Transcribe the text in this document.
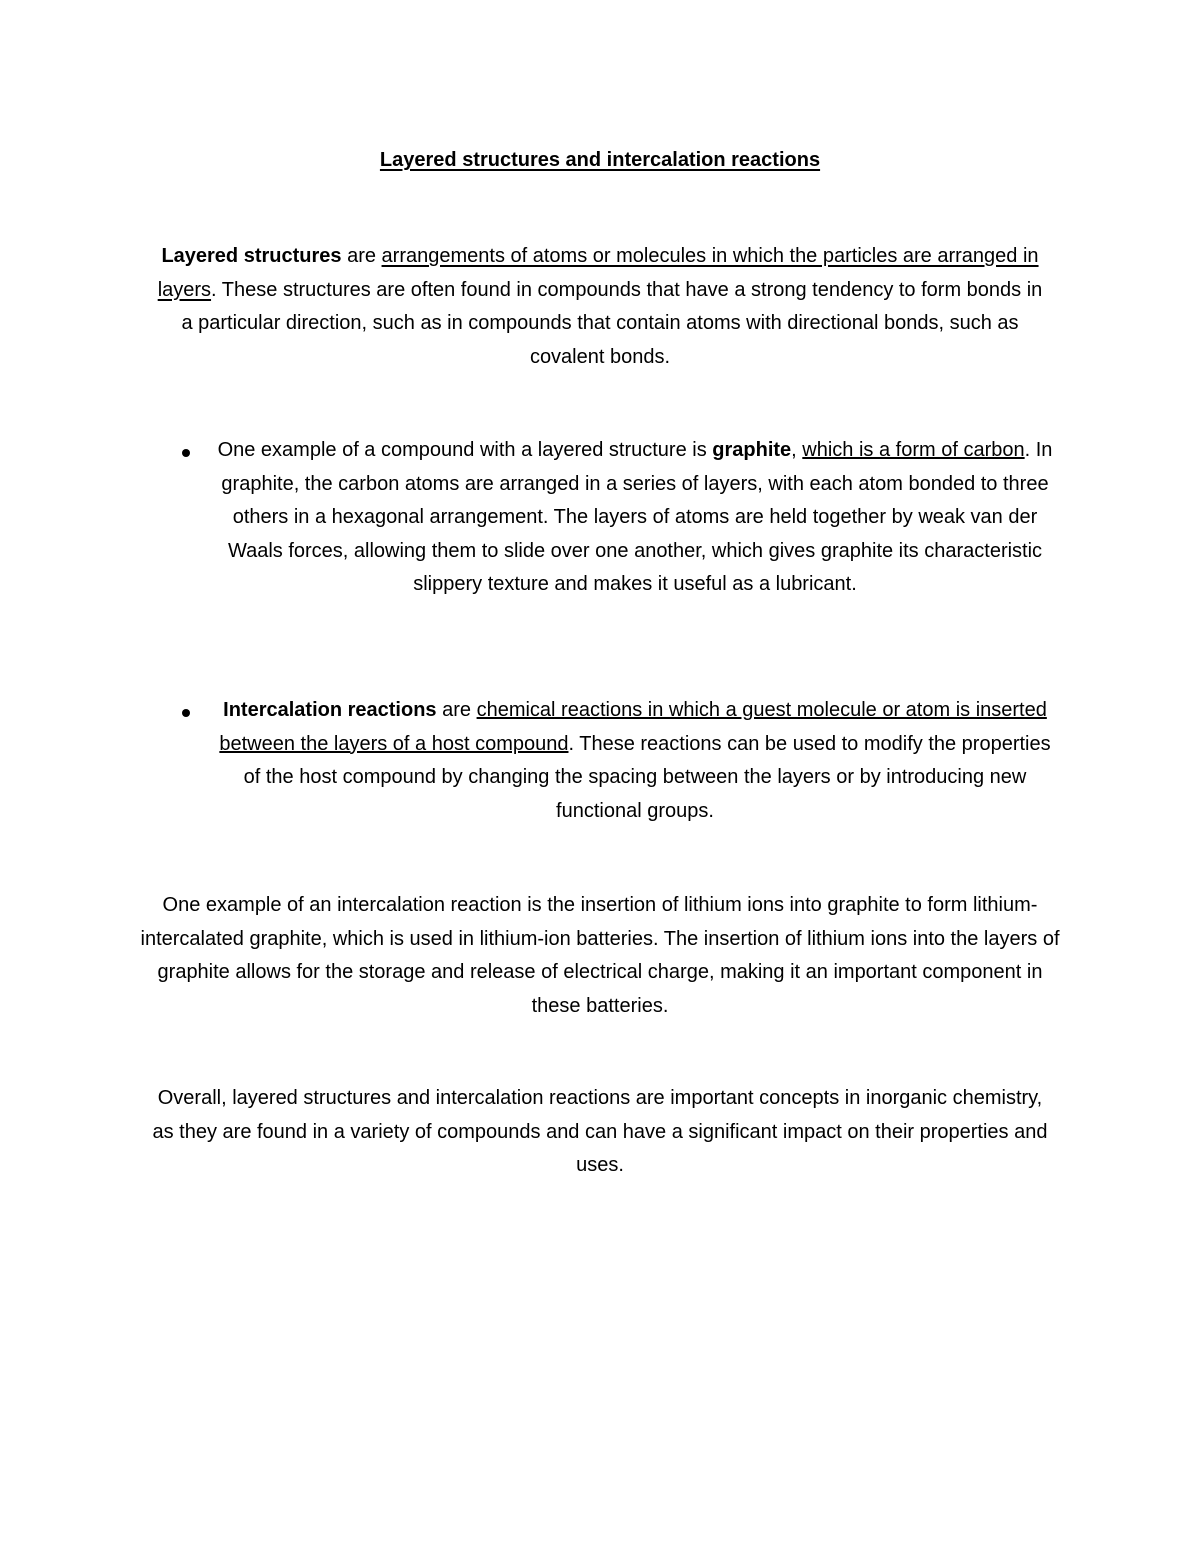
Layered structures and intercalation reactions

Layered structures are arrangements of atoms or molecules in which the particles are arranged in layers. These structures are often found in compounds that have a strong tendency to form bonds in a particular direction, such as in compounds that contain atoms with directional bonds, such as covalent bonds.

One example of a compound with a layered structure is graphite, which is a form of carbon. In graphite, the carbon atoms are arranged in a series of layers, with each atom bonded to three others in a hexagonal arrangement. The layers of atoms are held together by weak van der Waals forces, allowing them to slide over one another, which gives graphite its characteristic slippery texture and makes it useful as a lubricant.

Intercalation reactions are chemical reactions in which a guest molecule or atom is inserted between the layers of a host compound. These reactions can be used to modify the properties of the host compound by changing the spacing between the layers or by introducing new functional groups.

One example of an intercalation reaction is the insertion of lithium ions into graphite to form lithium-intercalated graphite, which is used in lithium-ion batteries. The insertion of lithium ions into the layers of graphite allows for the storage and release of electrical charge, making it an important component in these batteries.

Overall, layered structures and intercalation reactions are important concepts in inorganic chemistry, as they are found in a variety of compounds and can have a significant impact on their properties and uses.
